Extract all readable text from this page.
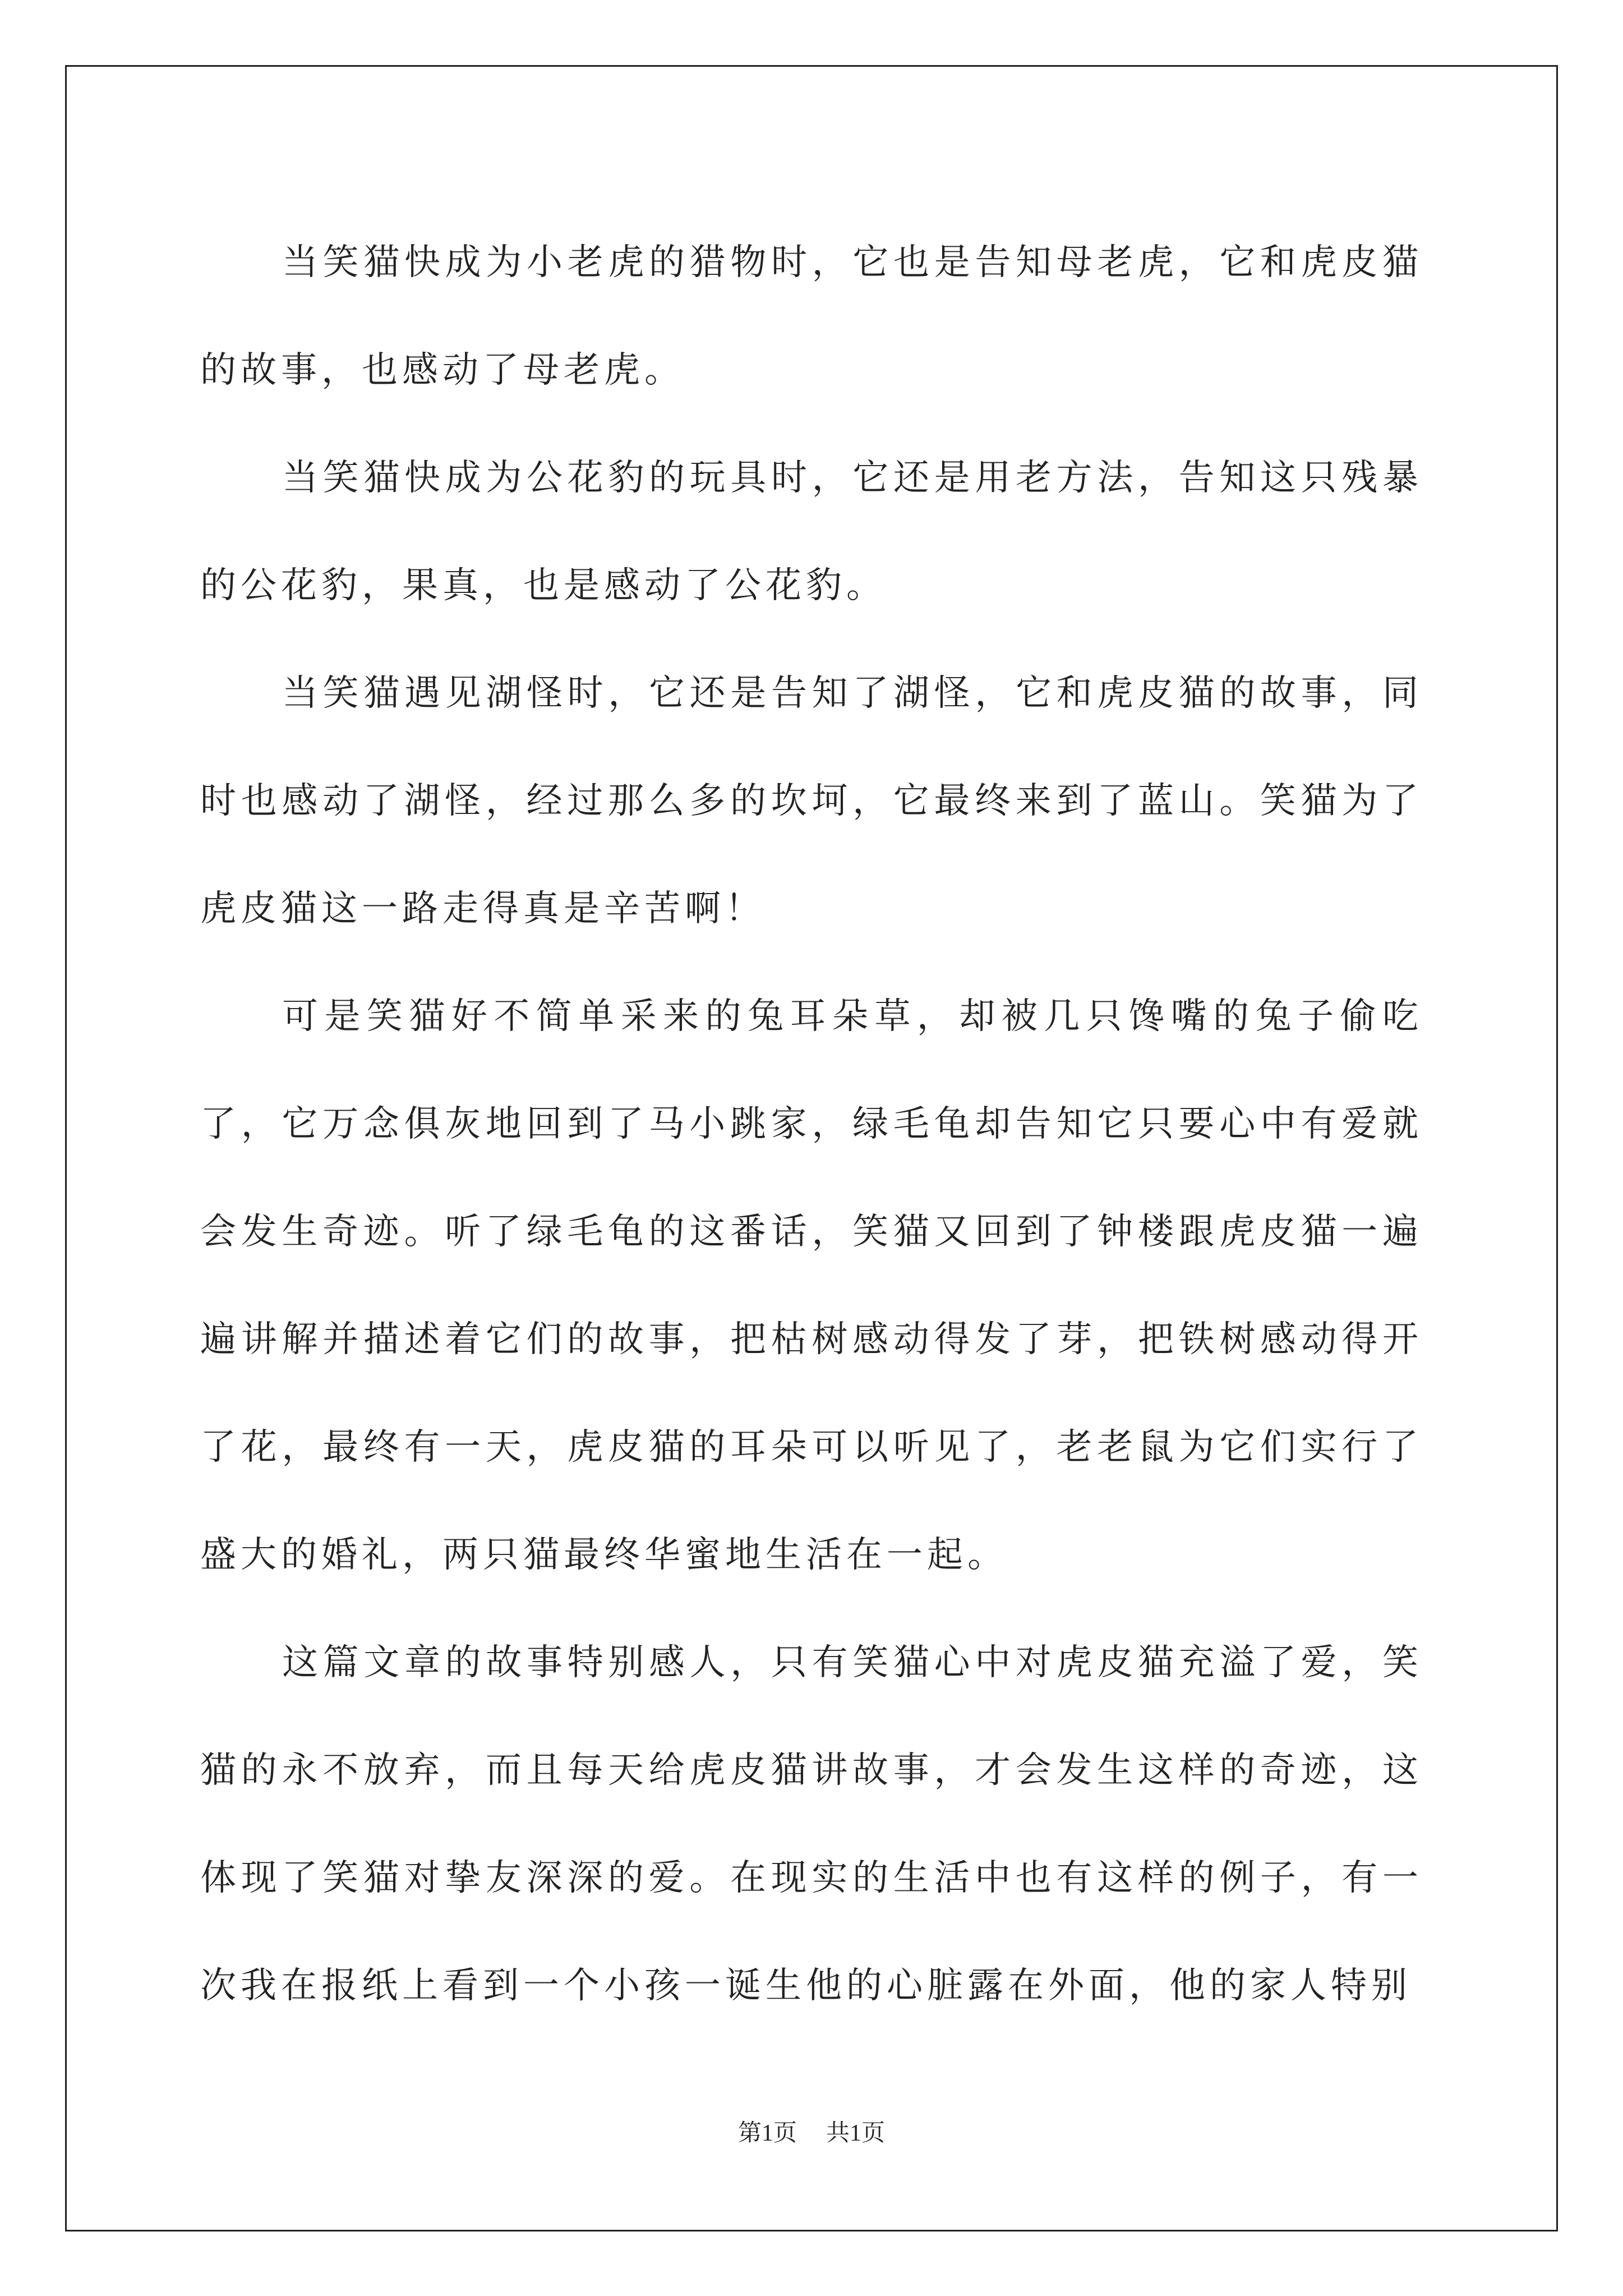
当笑猫快成为小老虎的猎物时，它也是告知母老虎，它和虎皮猫的故事，也感动了母老虎。

当笑猫快成为公花豹的玩具时，它还是用老方法，告知这只残暴的公花豹，果真，也是感动了公花豹。

当笑猫遇见湖怪时，它还是告知了湖怪，它和虎皮猫的故事，同时也感动了湖怪，经过那么多的坎坷，它最终来到了蓝山。笑猫为了虎皮猫这一路走得真是辛苦啊！

可是笑猫好不简单采来的兔耳朵草，却被几只馋嘴的兔子偷吃了，它万念俱灰地回到了马小跳家，绿毛龟却告知它只要心中有爱就会发生奇迹。听了绿毛龟的这番话，笑猫又回到了钟楼跟虎皮猫一遍遍讲解并描述着它们的故事，把枯树感动得发了芽，把铁树感动得开了花，最终有一天，虎皮猫的耳朵可以听见了，老老鼠为它们实行了盛大的婚礼，两只猫最终华蜜地生活在一起。

这篇文章的故事特别感人，只有笑猫心中对虎皮猫充溢了爱，笑猫的永不放弃，而且每天给虎皮猫讲故事，才会发生这样的奇迹，这体现了笑猫对挚友深深的爱。在现实的生活中也有这样的例子，有一次我在报纸上看到一个小孩一诞生他的心脏露在外面，他的家人特别

第1页 共1页
